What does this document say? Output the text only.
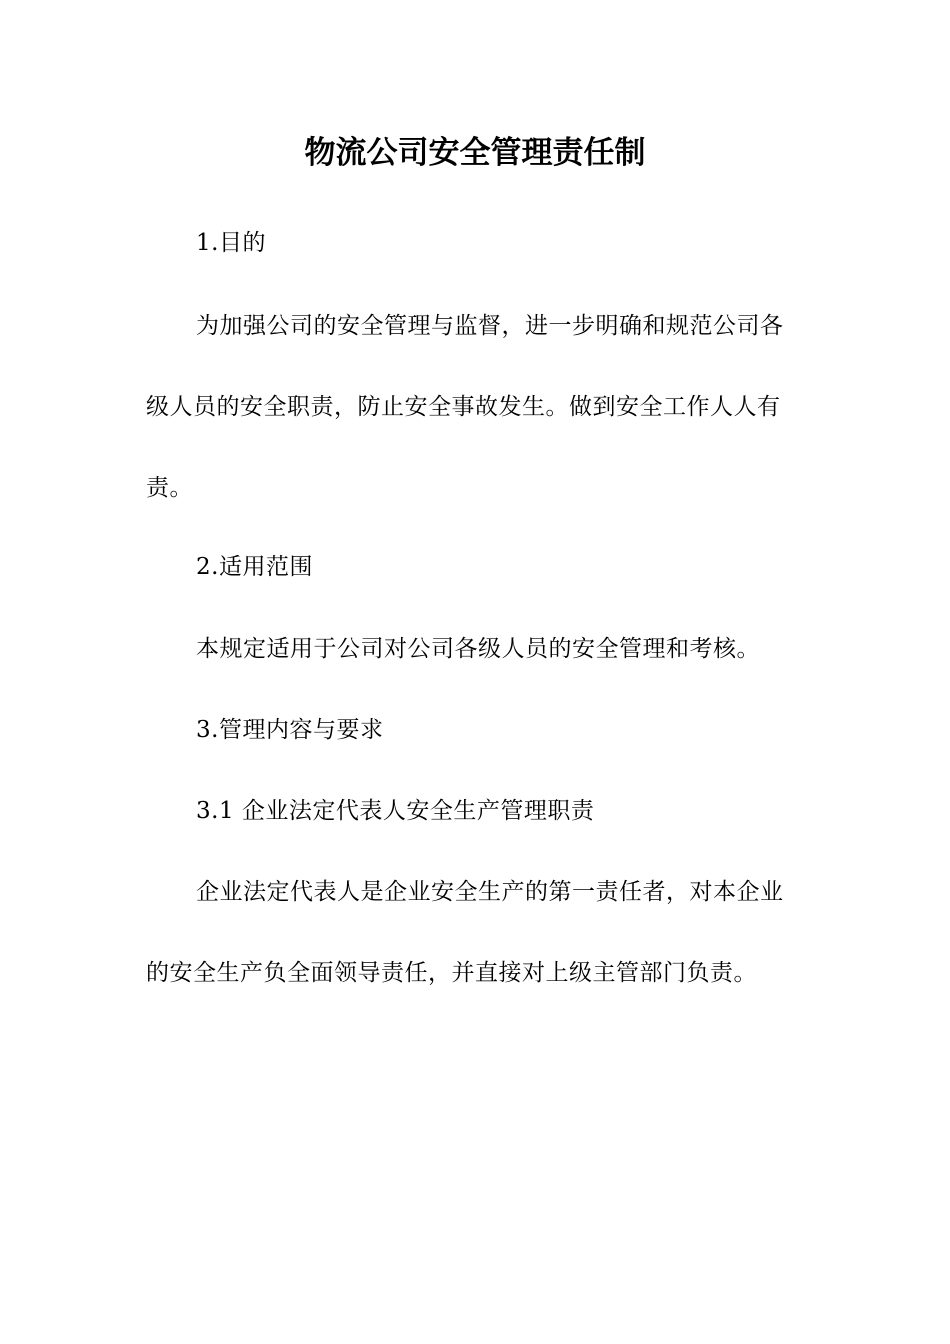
物流公司安全管理责任制

1.目的

为加强公司的安全管理与监督，进一步明确和规范公司各级人员的安全职责，防止安全事故发生。做到安全工作人人有责。

2.适用范围

本规定适用于公司对公司各级人员的安全管理和考核。

3.管理内容与要求

3.1 企业法定代表人安全生产管理职责

企业法定代表人是企业安全生产的第一责任者，对本企业的安全生产负全面领导责任，并直接对上级主管部门负责。
